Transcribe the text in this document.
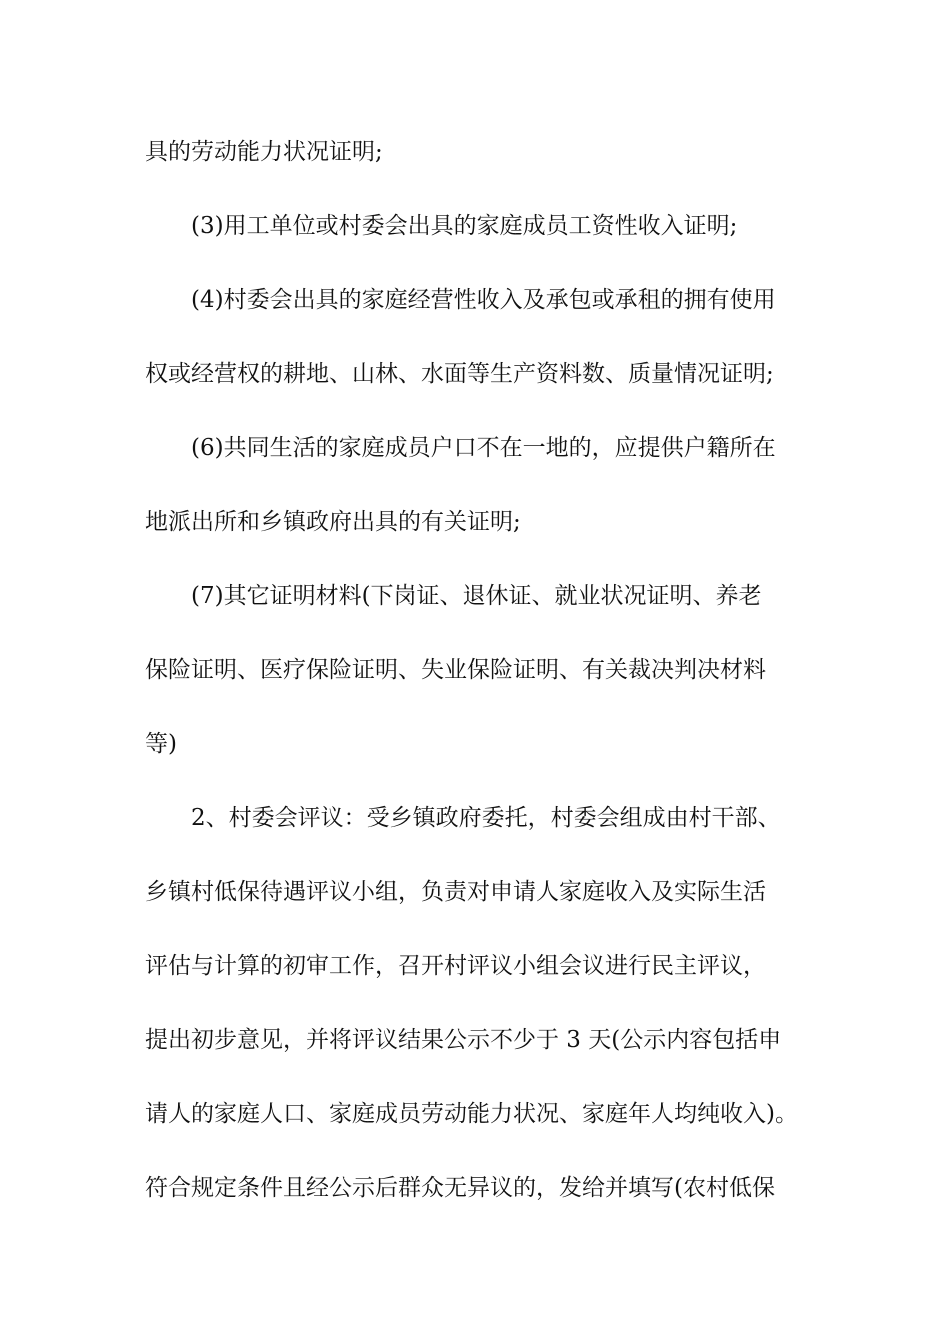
具的劳动能力状况证明;

(3)用工单位或村委会出具的家庭成员工资性收入证明;

(4)村委会出具的家庭经营性收入及承包或承租的拥有使用

权或经营权的耕地、山林、水面等生产资料数、质量情况证明;

(6)共同生活的家庭成员户口不在一地的，应提供户籍所在

地派出所和乡镇政府出具的有关证明;

(7)其它证明材料(下岗证、退休证、就业状况证明、养老

保险证明、医疗保险证明、失业保险证明、有关裁决判决材料

等)

2、村委会评议：受乡镇政府委托，村委会组成由村干部、

乡镇村低保待遇评议小组，负责对申请人家庭收入及实际生活

评估与计算的初审工作，召开村评议小组会议进行民主评议，

提出初步意见，并将评议结果公示不少于 3 天(公示内容包括申

请人的家庭人口、家庭成员劳动能力状况、家庭年人均纯收入)。

符合规定条件且经公示后群众无异议的，发给并填写(农村低保
